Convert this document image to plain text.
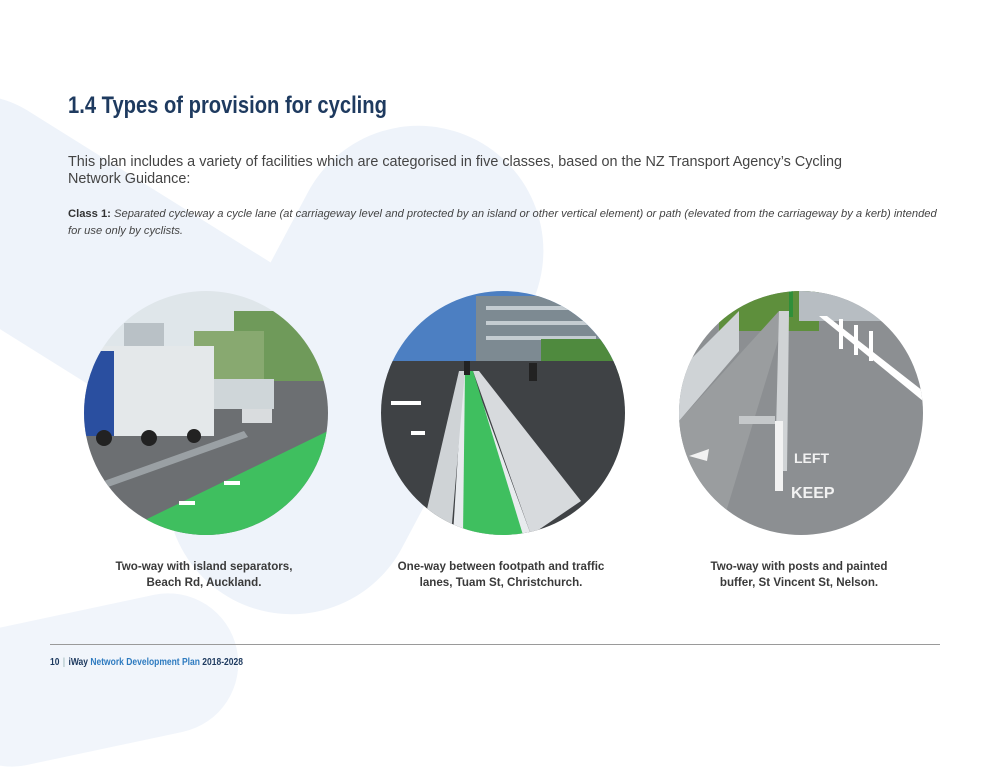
1.4 Types of provision for cycling

This plan includes a variety of facilities which are categorised in five classes, based on the NZ Transport Agency’s Cycling Network Guidance:

Class 1: Separated cycleway a cycle lane (at carriageway level and protected by an island or other vertical element) or path (elevated from the carriageway by a kerb) intended for use only by cyclists.

LEFT
KEEP

Two-way with island separators,
Beach Rd, Auckland.

One-way between footpath and traffic
lanes, Tuam St, Christchurch.

Two-way with posts and painted
buffer, St Vincent St, Nelson.

10 | iWay Network Development Plan 2018-2028
